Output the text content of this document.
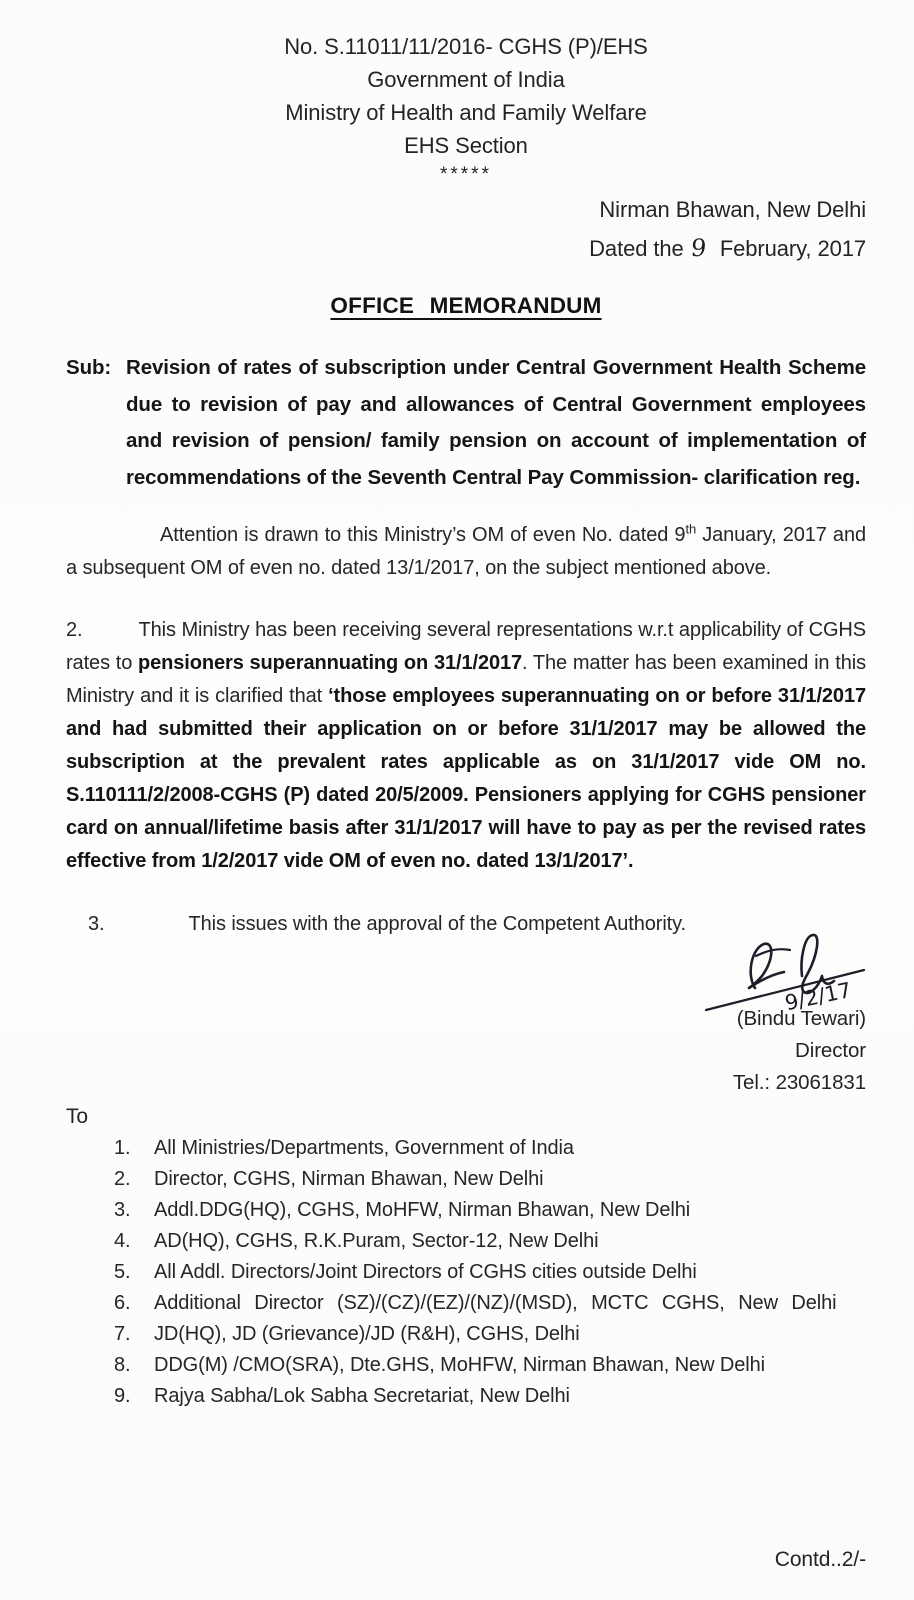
No. S.11011/11/2016- CGHS (P)/EHS
Government of India
Ministry of Health and Family Welfare
EHS Section
*****
Nirman Bhawan, New Delhi
Dated the 9 February, 2017
OFFICE MEMORANDUM
Sub: Revision of rates of subscription under Central Government Health Scheme due to revision of pay and allowances of Central Government employees and revision of pension/ family pension on account of implementation of recommendations of the Seventh Central Pay Commission- clarification reg.

Attention is drawn to this Ministry’s OM of even No. dated 9th January, 2017 and a subsequent OM of even no. dated 13/1/2017, on the subject mentioned above.

2.	This Ministry has been receiving several representations w.r.t applicability of CGHS rates to pensioners superannuating on 31/1/2017. The matter has been examined in this Ministry and it is clarified that ‘those employees superannuating on or before 31/1/2017 and had submitted their application on or before 31/1/2017 may be allowed the subscription at the prevalent rates applicable as on 31/1/2017 vide OM no. S.110111/2/2008-CGHS (P) dated 20/5/2009. Pensioners applying for CGHS pensioner card on annual/lifetime basis after 31/1/2017 will have to pay as per the revised rates effective from 1/2/2017 vide OM of even no. dated 13/1/2017’.

3.	This issues with the approval of the Competent Authority.

9/2/17
(Bindu Tewari)
Director
Tel.: 23061831
To
1.	All Ministries/Departments, Government of India
2.	Director, CGHS, Nirman Bhawan, New Delhi
3.	Addl.DDG(HQ), CGHS, MoHFW, Nirman Bhawan, New Delhi
4.	AD(HQ), CGHS, R.K.Puram, Sector-12, New Delhi
5.	All Addl. Directors/Joint Directors of CGHS cities outside Delhi
6.	Additional Director (SZ)/(CZ)/(EZ)/(NZ)/(MSD), MCTC CGHS, New Delhi
7.	JD(HQ), JD (Grievance)/JD (R&H), CGHS, Delhi
8.	DDG(M) /CMO(SRA), Dte.GHS, MoHFW, Nirman Bhawan, New Delhi
9.	Rajya Sabha/Lok Sabha Secretariat, New Delhi
Contd..2/-
